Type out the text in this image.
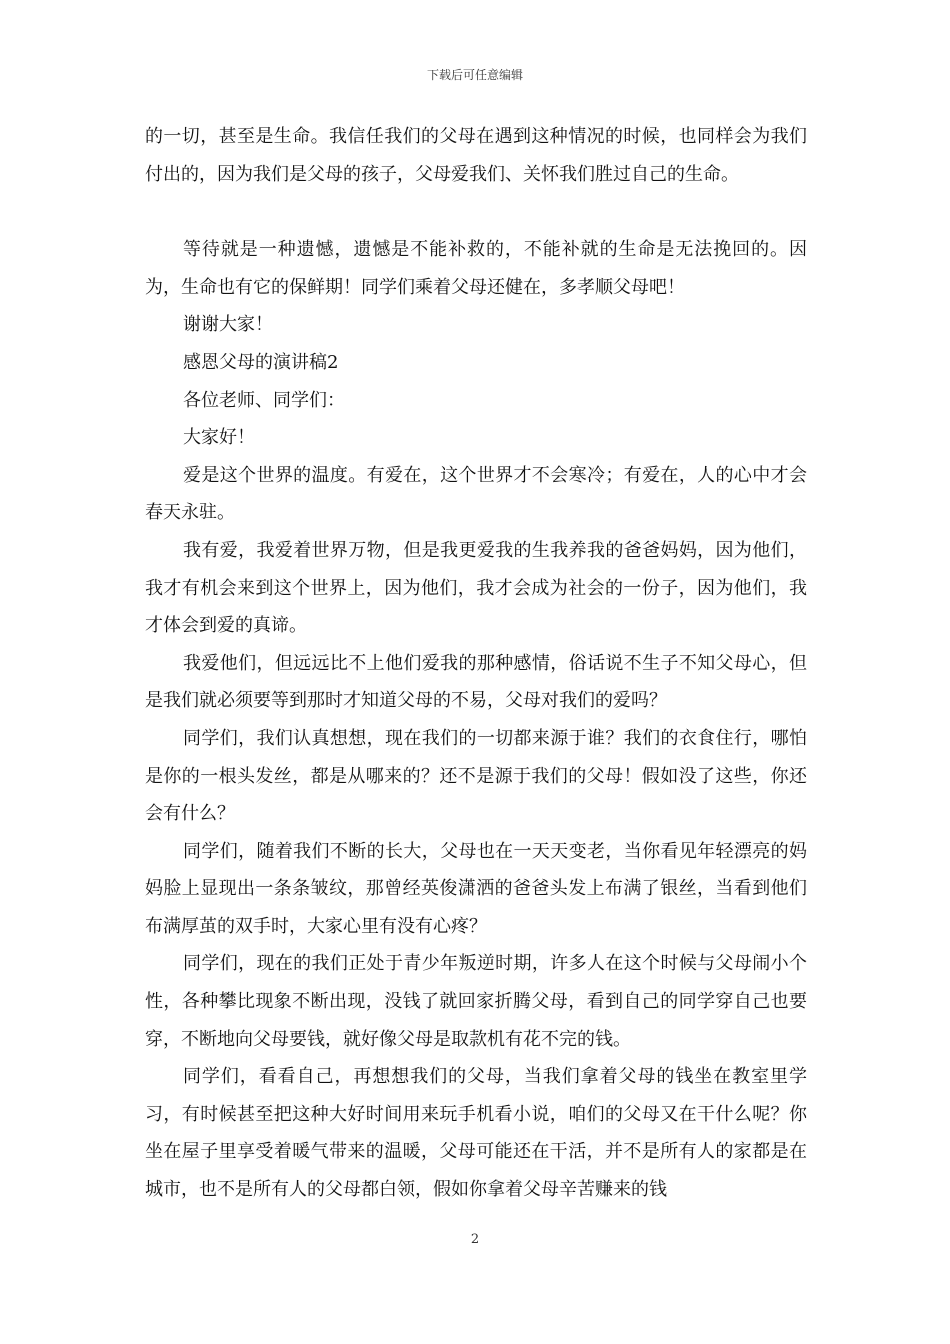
下载后可任意编辑

的一切，甚至是生命。我信任我们的父母在遇到这种情况的时候，也同样会为我们付出的，因为我们是父母的孩子，父母爱我们、关怀我们胜过自己的生命。

等待就是一种遗憾，遗憾是不能补救的，不能补就的生命是无法挽回的。因为，生命也有它的保鲜期！同学们乘着父母还健在，多孝顺父母吧！

谢谢大家！

感恩父母的演讲稿2

各位老师、同学们：

大家好！

爱是这个世界的温度。有爱在，这个世界才不会寒冷；有爱在，人的心中才会春天永驻。

我有爱，我爱着世界万物，但是我更爱我的生我养我的爸爸妈妈，因为他们，我才有机会来到这个世界上，因为他们，我才会成为社会的一份子，因为他们，我才体会到爱的真谛。

我爱他们，但远远比不上他们爱我的那种感情，俗话说不生子不知父母心，但是我们就必须要等到那时才知道父母的不易，父母对我们的爱吗？

同学们，我们认真想想，现在我们的一切都来源于谁？我们的衣食住行，哪怕是你的一根头发丝，都是从哪来的？还不是源于我们的父母！假如没了这些，你还会有什么？

同学们，随着我们不断的长大，父母也在一天天变老，当你看见年轻漂亮的妈妈脸上显现出一条条皱纹，那曾经英俊潇洒的爸爸头发上布满了银丝，当看到他们布满厚茧的双手时，大家心里有没有心疼？

同学们，现在的我们正处于青少年叛逆时期，许多人在这个时候与父母闹小个性，各种攀比现象不断出现，没钱了就回家折腾父母，看到自己的同学穿自己也要穿，不断地向父母要钱，就好像父母是取款机有花不完的钱。

同学们，看看自己，再想想我们的父母，当我们拿着父母的钱坐在教室里学习，有时候甚至把这种大好时间用来玩手机看小说，咱们的父母又在干什么呢？你坐在屋子里享受着暖气带来的温暖，父母可能还在干活，并不是所有人的家都是在城市，也不是所有人的父母都白领，假如你拿着父母辛苦赚来的钱

2
